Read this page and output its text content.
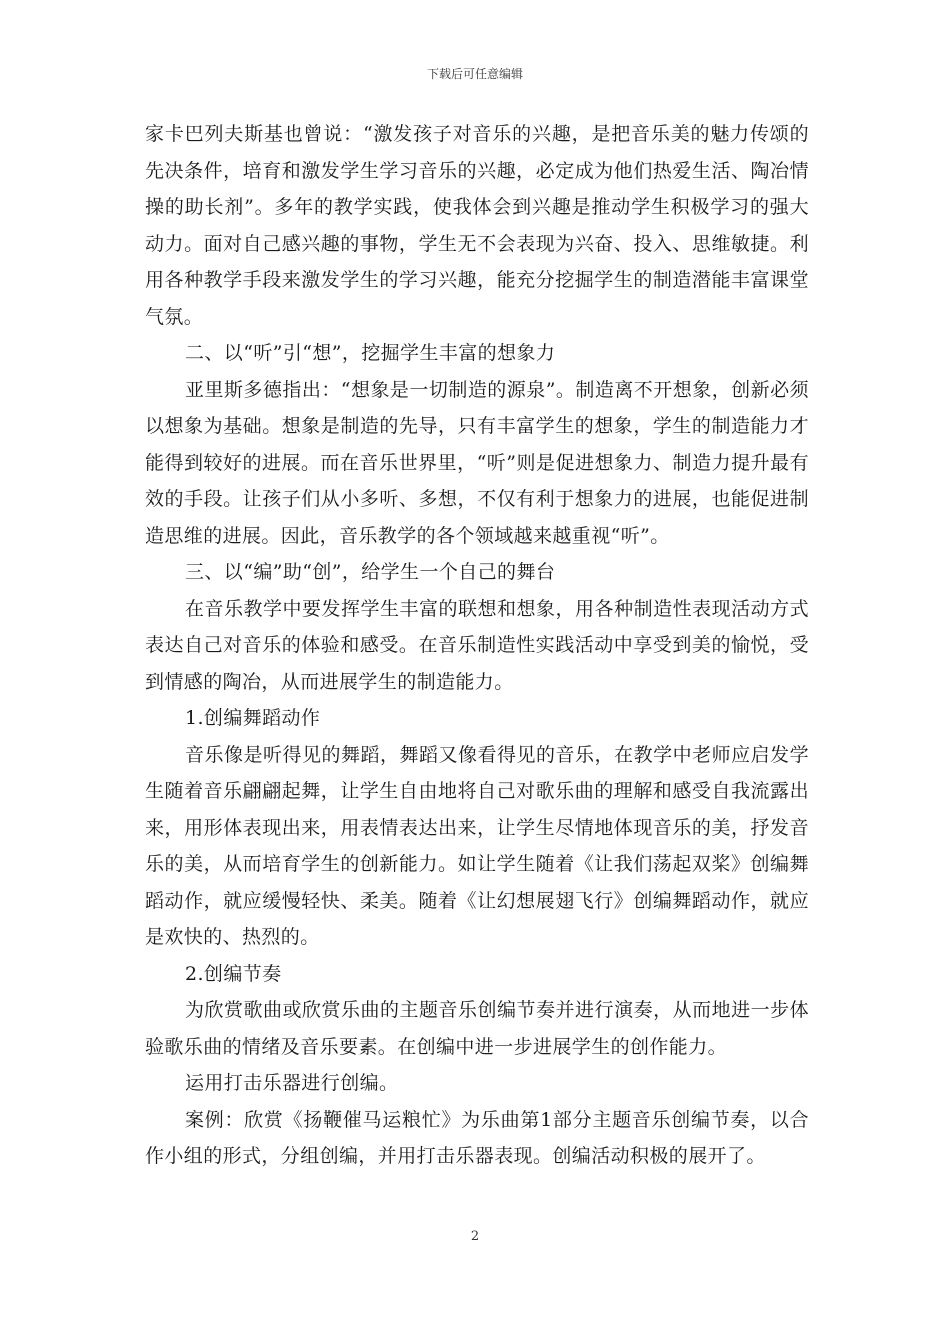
下载后可任意编辑

家卡巴列夫斯基也曾说：“激发孩子对音乐的兴趣，是把音乐美的魅力传颂的先决条件，培育和激发学生学习音乐的兴趣，必定成为他们热爱生活、陶冶情操的助长剂”。多年的教学实践，使我体会到兴趣是推动学生积极学习的强大动力。面对自己感兴趣的事物，学生无不会表现为兴奋、投入、思维敏捷。利用各种教学手段来激发学生的学习兴趣，能充分挖掘学生的制造潜能丰富课堂气氛。

二、以“听”引“想”，挖掘学生丰富的想象力

亚里斯多德指出：“想象是一切制造的源泉”。制造离不开想象，创新必须以想象为基础。想象是制造的先导，只有丰富学生的想象，学生的制造能力才能得到较好的进展。而在音乐世界里，“听”则是促进想象力、制造力提升最有效的手段。让孩子们从小多听、多想，不仅有利于想象力的进展，也能促进制造思维的进展。因此，音乐教学的各个领域越来越重视“听”。

三、以“编”助“创”，给学生一个自己的舞台

在音乐教学中要发挥学生丰富的联想和想象，用各种制造性表现活动方式表达自己对音乐的体验和感受。在音乐制造性实践活动中享受到美的愉悦，受到情感的陶冶，从而进展学生的制造能力。

1.创编舞蹈动作

音乐像是听得见的舞蹈，舞蹈又像看得见的音乐，在教学中老师应启发学生随着音乐翩翩起舞，让学生自由地将自己对歌乐曲的理解和感受自我流露出来，用形体表现出来，用表情表达出来，让学生尽情地体现音乐的美，抒发音乐的美，从而培育学生的创新能力。如让学生随着《让我们荡起双桨》创编舞蹈动作，就应缓慢轻快、柔美。随着《让幻想展翅飞行》创编舞蹈动作，就应是欢快的、热烈的。

2.创编节奏

为欣赏歌曲或欣赏乐曲的主题音乐创编节奏并进行演奏，从而地进一步体验歌乐曲的情绪及音乐要素。在创编中进一步进展学生的创作能力。

运用打击乐器进行创编。

案例：欣赏《扬鞭催马运粮忙》为乐曲第1部分主题音乐创编节奏，以合作小组的形式，分组创编，并用打击乐器表现。创编活动积极的展开了。

2
